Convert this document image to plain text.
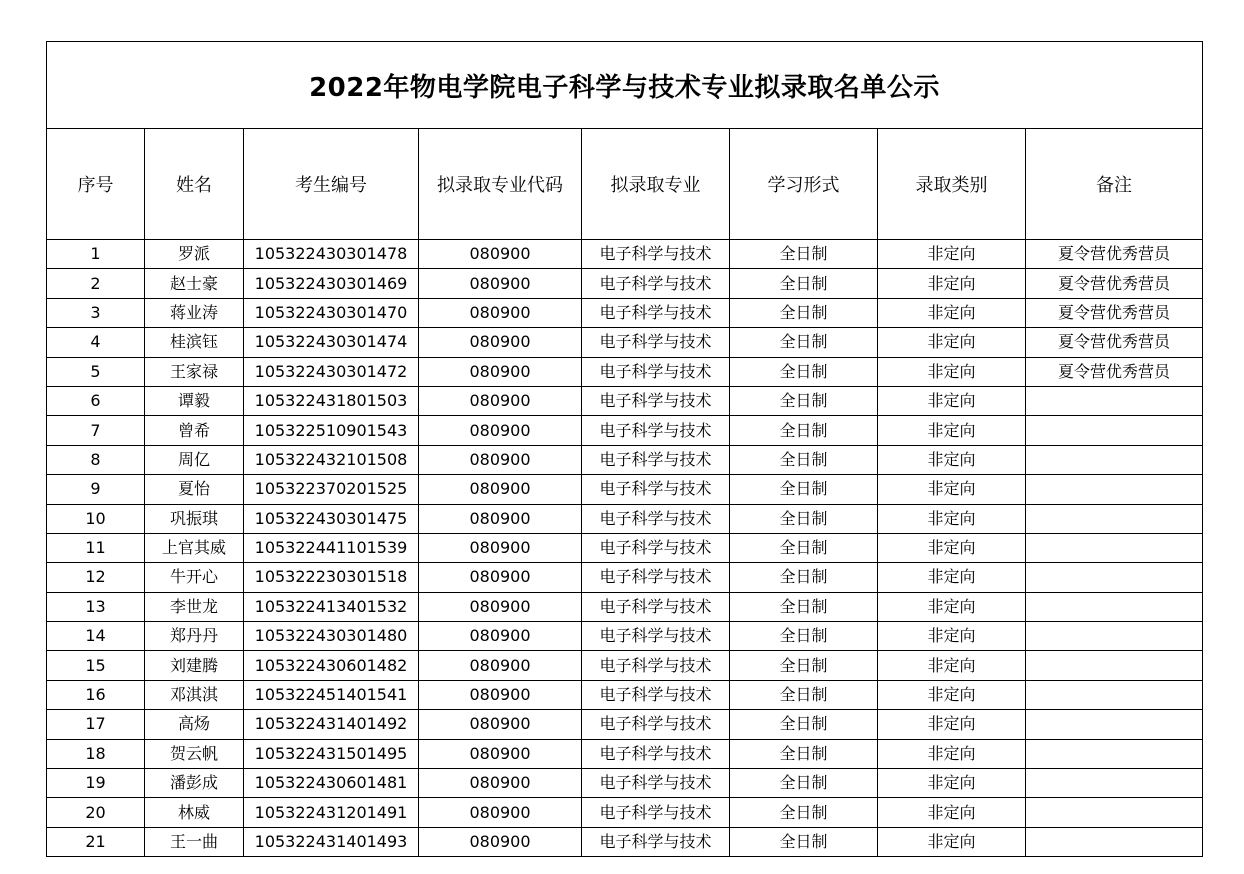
2022年物电学院电子科学与技术专业拟录取名单公示							
序号	姓名	考生编号	拟录取专业代码	拟录取专业	学习形式	录取类别	备注
1	罗派	105322430301478	080900	电子科学与技术	全日制	非定向	夏令营优秀营员
2	赵士豪	105322430301469	080900	电子科学与技术	全日制	非定向	夏令营优秀营员
3	蒋业涛	105322430301470	080900	电子科学与技术	全日制	非定向	夏令营优秀营员
4	桂滨钰	105322430301474	080900	电子科学与技术	全日制	非定向	夏令营优秀营员
5	王家禄	105322430301472	080900	电子科学与技术	全日制	非定向	夏令营优秀营员
6	谭毅	105322431801503	080900	电子科学与技术	全日制	非定向	
7	曾希	105322510901543	080900	电子科学与技术	全日制	非定向	
8	周亿	105322432101508	080900	电子科学与技术	全日制	非定向	
9	夏怡	105322370201525	080900	电子科学与技术	全日制	非定向	
10	巩振琪	105322430301475	080900	电子科学与技术	全日制	非定向	
11	上官其威	105322441101539	080900	电子科学与技术	全日制	非定向	
12	牛开心	105322230301518	080900	电子科学与技术	全日制	非定向	
13	李世龙	105322413401532	080900	电子科学与技术	全日制	非定向	
14	郑丹丹	105322430301480	080900	电子科学与技术	全日制	非定向	
15	刘建腾	105322430601482	080900	电子科学与技术	全日制	非定向	
16	邓淇淇	105322451401541	080900	电子科学与技术	全日制	非定向	
17	高炀	105322431401492	080900	电子科学与技术	全日制	非定向	
18	贺云帆	105322431501495	080900	电子科学与技术	全日制	非定向	
19	潘彭成	105322430601481	080900	电子科学与技术	全日制	非定向	
20	林威	105322431201491	080900	电子科学与技术	全日制	非定向	
21	王一曲	105322431401493	080900	电子科学与技术	全日制	非定向	
